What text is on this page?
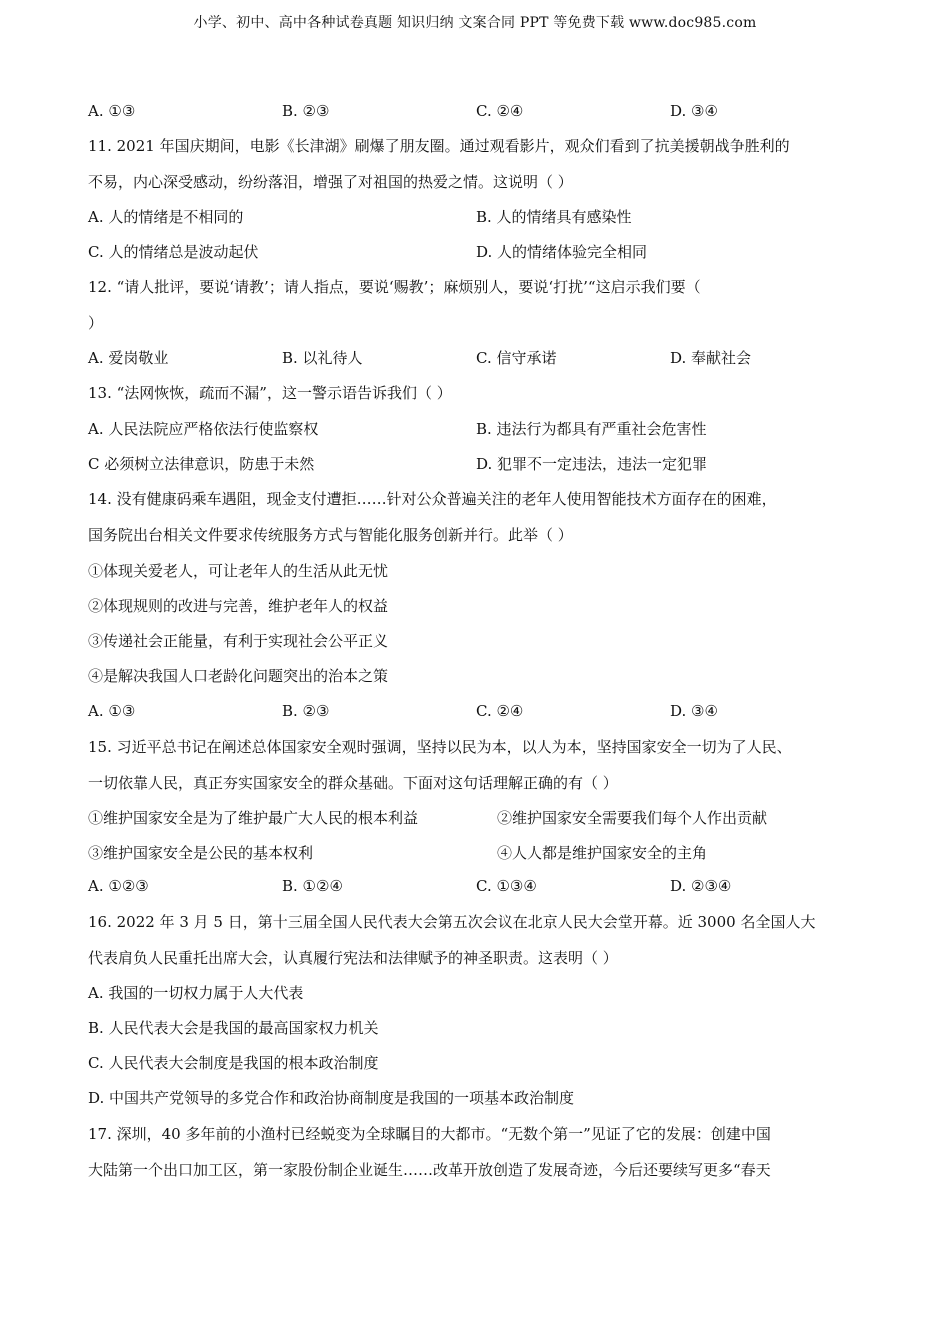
小学、初中、高中各种试卷真题 知识归纳 文案合同 PPT 等免费下载 www.doc985.com
A. ①③	B. ②③	C. ②④	D. ③④
11. 2021 年国庆期间，电影《长津湖》刷爆了朋友圈。通过观看影片，观众们看到了抗美援朝战争胜利的
不易，内心深受感动，纷纷落泪，增强了对祖国的热爱之情。这说明（ ）
A. 人的情绪是不相同的	B. 人的情绪具有感染性
C. 人的情绪总是波动起伏	D. 人的情绪体验完全相同
12. “请人批评，要说‘请教’；请人指点，要说‘赐教’；麻烦别人，要说‘打扰’“这启示我们要（
）
A. 爱岗敬业	B. 以礼待人	C. 信守承诺	D. 奉献社会
13. “法网恢恢，疏而不漏”，这一警示语告诉我们（ ）
A. 人民法院应严格依法行使监察权	B. 违法行为都具有严重社会危害性
C 必须树立法律意识，防患于未然	D. 犯罪不一定违法，违法一定犯罪
14. 没有健康码乘车遇阻，现金支付遭拒……针对公众普遍关注的老年人使用智能技术方面存在的困难，
国务院出台相关文件要求传统服务方式与智能化服务创新并行。此举（ ）
①体现关爱老人，可让老年人的生活从此无忧
②体现规则的改进与完善，维护老年人的权益
③传递社会正能量，有利于实现社会公平正义
④是解决我国人口老龄化问题突出的治本之策
A. ①③	B. ②③	C. ②④	D. ③④
15. 习近平总书记在阐述总体国家安全观时强调，坚持以民为本，以人为本，坚持国家安全一切为了人民、
一切依靠人民，真正夯实国家安全的群众基础。下面对这句话理解正确的有（ ）
①维护国家安全是为了维护最广大人民的根本利益	②维护国家安全需要我们每个人作出贡献
③维护国家安全是公民的基本权利	④人人都是维护国家安全的主角
A. ①②③	B. ①②④	C. ①③④	D. ②③④
16. 2022 年 3 月 5 日，第十三届全国人民代表大会第五次会议在北京人民大会堂开幕。近 3000 名全国人大
代表肩负人民重托出席大会，认真履行宪法和法律赋予的神圣职责。这表明（ ）
A. 我国的一切权力属于人大代表
B. 人民代表大会是我国的最高国家权力机关
C. 人民代表大会制度是我国的根本政治制度
D. 中国共产党领导的多党合作和政治协商制度是我国的一项基本政治制度
17. 深圳，40 多年前的小渔村已经蜕变为全球瞩目的大都市。“无数个第一”见证了它的发展：创建中国
大陆第一个出口加工区，第一家股份制企业诞生……改革开放创造了发展奇迹，今后还要续写更多“春天
